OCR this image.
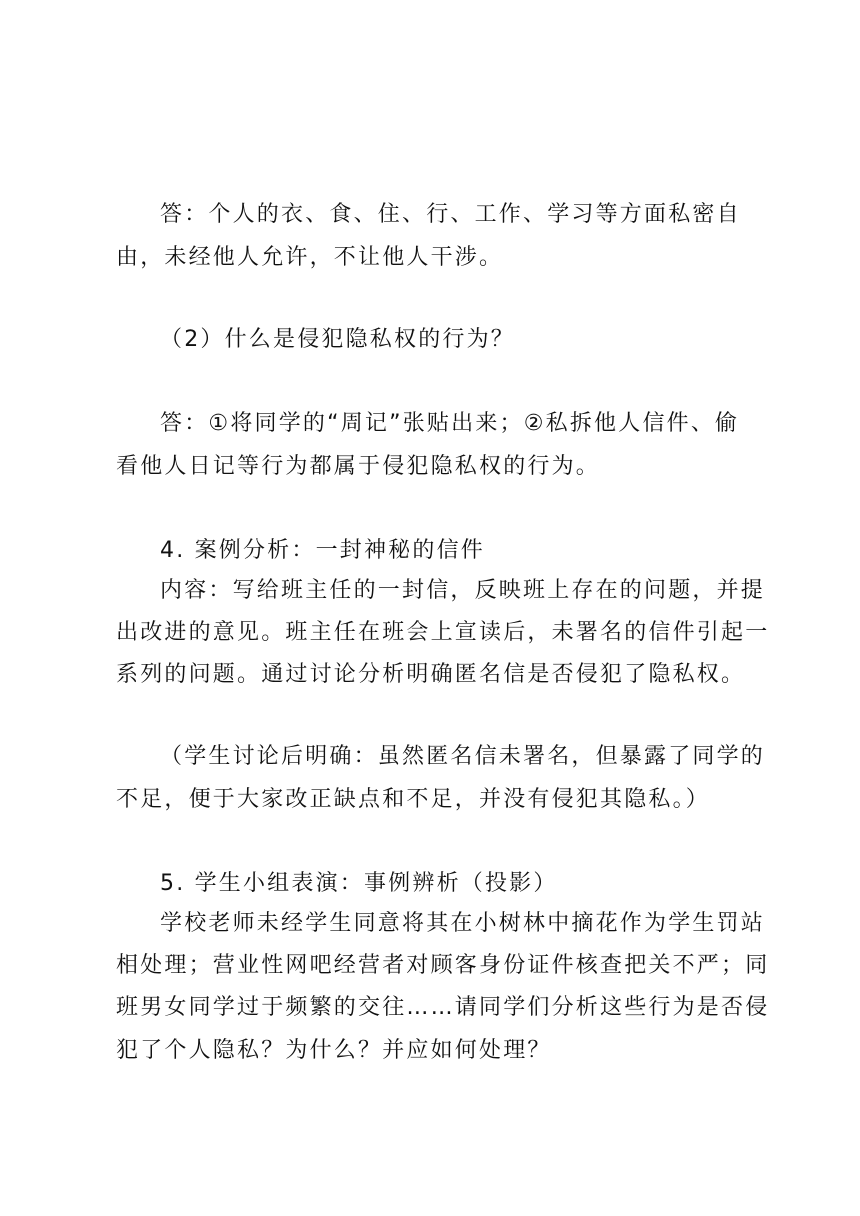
答：个人的衣、食、住、行、工作、学习等方面私密自
由，未经他人允许，不让他人干涉。
（2）什么是侵犯隐私权的行为？
答：①将同学的“周记”张贴出来；②私拆他人信件、偷
看他人日记等行为都属于侵犯隐私权的行为。
4. 案例分析：一封神秘的信件
内容：写给班主任的一封信，反映班上存在的问题，并提
出改进的意见。班主任在班会上宣读后，未署名的信件引起一
系列的问题。通过讨论分析明确匿名信是否侵犯了隐私权。
（学生讨论后明确：虽然匿名信未署名，但暴露了同学的
不足，便于大家改正缺点和不足，并没有侵犯其隐私。）
5. 学生小组表演：事例辨析（投影）
学校老师未经学生同意将其在小树林中摘花作为学生罚站
相处理；营业性网吧经营者对顾客身份证件核查把关不严；同
班男女同学过于频繁的交往……请同学们分析这些行为是否侵
犯了个人隐私？为什么？并应如何处理？
